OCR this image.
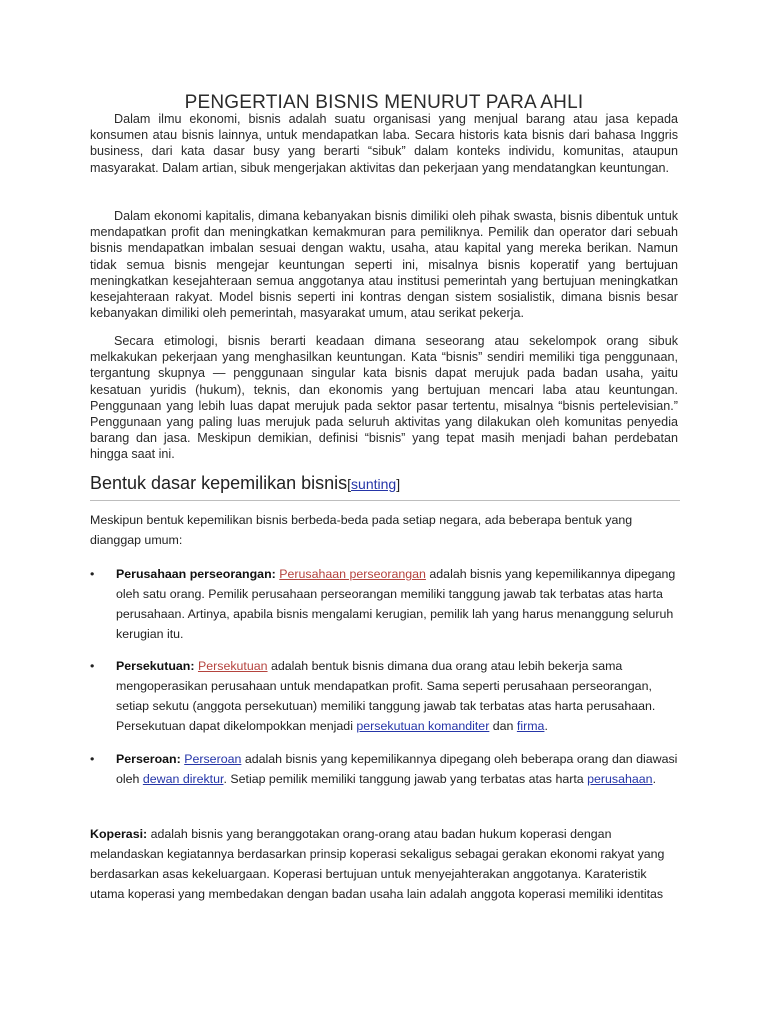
PENGERTIAN BISNIS MENURUT PARA AHLI

Dalam ilmu ekonomi, bisnis adalah suatu organisasi yang menjual barang atau jasa kepada konsumen atau bisnis lainnya, untuk mendapatkan laba. Secara historis kata bisnis dari bahasa Inggris business, dari kata dasar busy yang berarti “sibuk” dalam konteks individu, komunitas, ataupun masyarakat. Dalam artian, sibuk mengerjakan aktivitas dan pekerjaan yang mendatangkan keuntungan.

Dalam ekonomi kapitalis, dimana kebanyakan bisnis dimiliki oleh pihak swasta, bisnis dibentuk untuk mendapatkan profit dan meningkatkan kemakmuran para pemiliknya. Pemilik dan operator dari sebuah bisnis mendapatkan imbalan sesuai dengan waktu, usaha, atau kapital yang mereka berikan. Namun tidak semua bisnis mengejar keuntungan seperti ini, misalnya bisnis koperatif yang bertujuan meningkatkan kesejahteraan semua anggotanya atau institusi pemerintah yang bertujuan meningkatkan kesejahteraan rakyat. Model bisnis seperti ini kontras dengan sistem sosialistik, dimana bisnis besar kebanyakan dimiliki oleh pemerintah, masyarakat umum, atau serikat pekerja.

Secara etimologi, bisnis berarti keadaan dimana seseorang atau sekelompok orang sibuk melkakukan pekerjaan yang menghasilkan keuntungan. Kata “bisnis” sendiri memiliki tiga penggunaan, tergantung skupnya — penggunaan singular kata bisnis dapat merujuk pada badan usaha, yaitu kesatuan yuridis (hukum), teknis, dan ekonomis yang bertujuan mencari laba atau keuntungan. Penggunaan yang lebih luas dapat merujuk pada sektor pasar tertentu, misalnya “bisnis pertelevisian.” Penggunaan yang paling luas merujuk pada seluruh aktivitas yang dilakukan oleh komunitas penyedia barang dan jasa. Meskipun demikian, definisi “bisnis” yang tepat masih menjadi bahan perdebatan hingga saat ini.

Bentuk dasar kepemilikan bisnis[sunting]

Meskipun bentuk kepemilikan bisnis berbeda-beda pada setiap negara, ada beberapa bentuk yang dianggap umum:

• Perusahaan perseorangan: Perusahaan perseorangan adalah bisnis yang kepemilikannya dipegang oleh satu orang. Pemilik perusahaan perseorangan memiliki tanggung jawab tak terbatas atas harta perusahaan. Artinya, apabila bisnis mengalami kerugian, pemilik lah yang harus menanggung seluruh kerugian itu.
• Persekutuan: Persekutuan adalah bentuk bisnis dimana dua orang atau lebih bekerja sama mengoperasikan perusahaan untuk mendapatkan profit. Sama seperti perusahaan perseorangan, setiap sekutu (anggota persekutuan) memiliki tanggung jawab tak terbatas atas harta perusahaan. Persekutuan dapat dikelompokkan menjadi persekutuan komanditer dan firma.
• Perseroan: Perseroan adalah bisnis yang kepemilikannya dipegang oleh beberapa orang dan diawasi oleh dewan direktur. Setiap pemilik memiliki tanggung jawab yang terbatas atas harta perusahaan.

Koperasi: adalah bisnis yang beranggotakan orang-orang atau badan hukum koperasi dengan melandaskan kegiatannya berdasarkan prinsip koperasi sekaligus sebagai gerakan ekonomi rakyat yang berdasarkan asas kekeluargaan. Koperasi bertujuan untuk menyejahterakan anggotanya. Karateristik utama koperasi yang membedakan dengan badan usaha lain adalah anggota koperasi memiliki identitas
